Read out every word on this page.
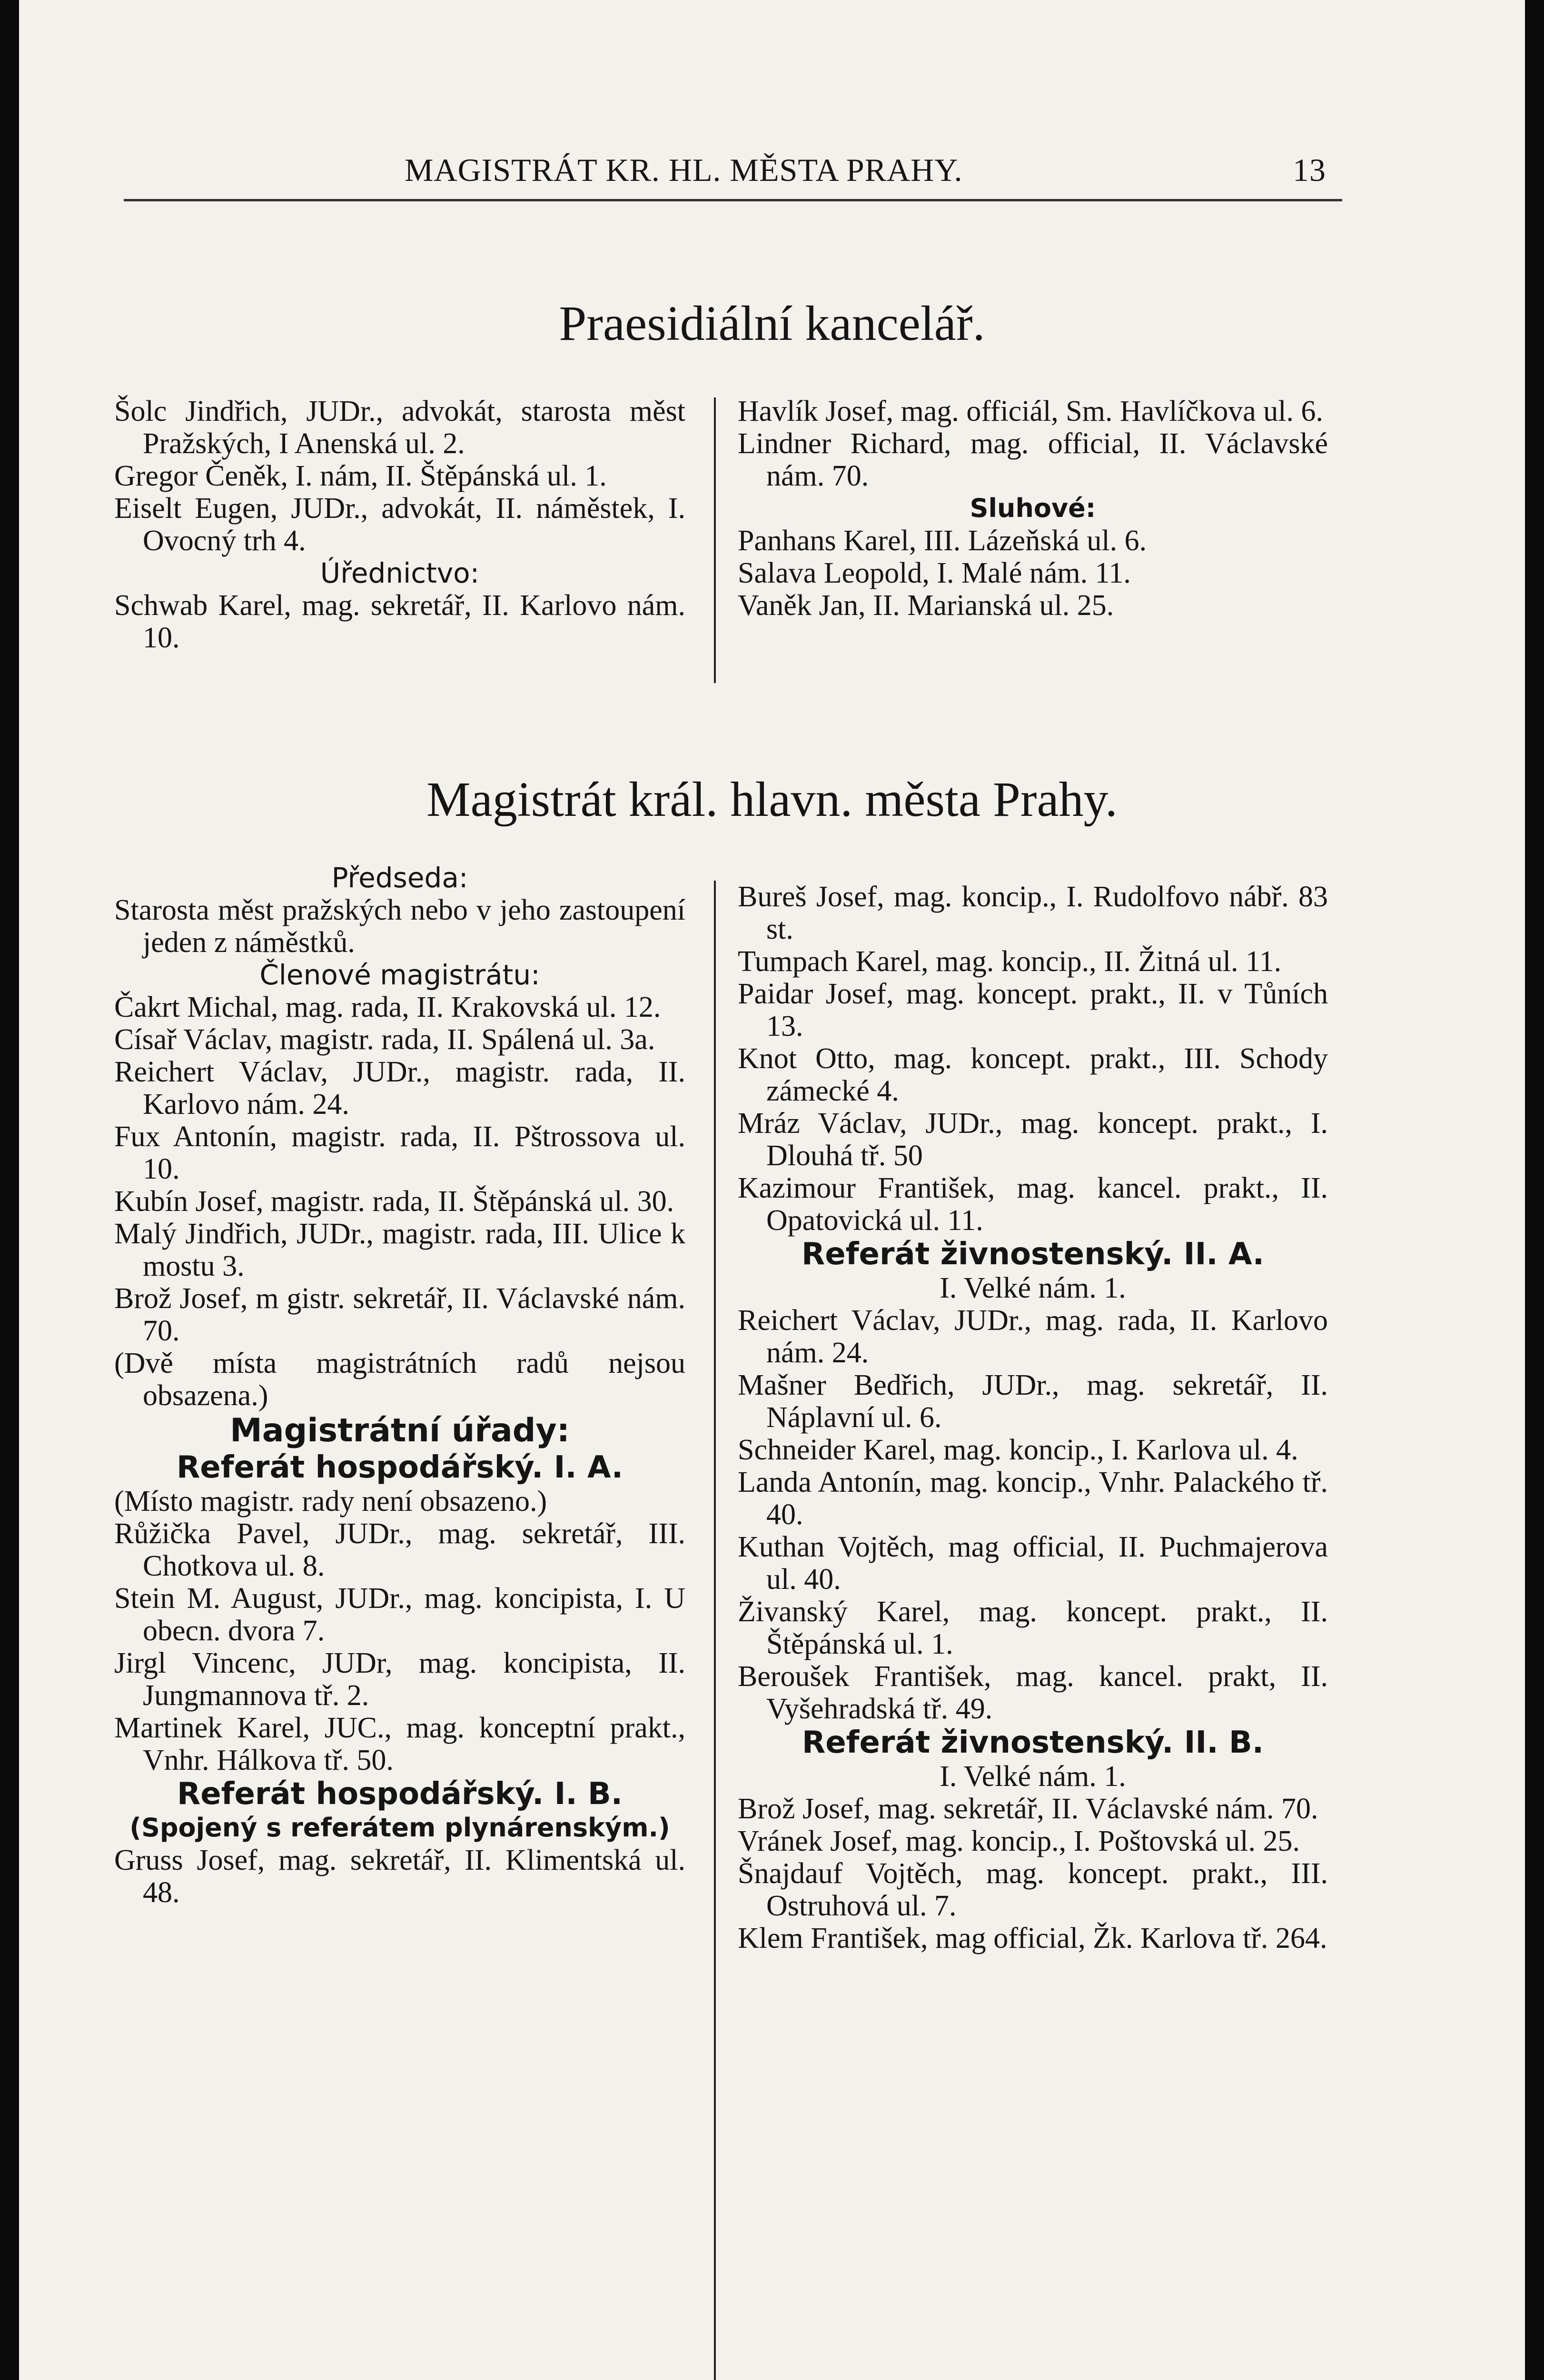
MAGISTRÁT KR. HL. MĚSTA PRAHY.	13
Praesidiální kancelář.

Šolc Jindřich, JUDr., advokát, starosta měst Pražských, I Anenská ul. 2.

Gregor Čeněk, I. nám, II. Štěpánská ul. 1.

Eiselt Eugen, JUDr., advokát, II. náměstek, I. Ovocný trh 4.

Úřednictvo:

Schwab Karel, mag. sekretář, II. Karlovo nám. 10.

Havlík Josef, mag. officiál, Sm. Havlíčkova ul. 6.

Lindner Richard, mag. official, II. Václavské nám. 70.

Sluhové:

Panhans Karel, III. Lázeňská ul. 6.

Salava Leopold, I. Malé nám. 11.

Vaněk Jan, II. Marianská ul. 25.

Magistrát král. hlavn. města Prahy.

Předseda:

Starosta měst pražských nebo v jeho zastoupení jeden z náměstků.

Členové magistrátu:

Čakrt Michal, mag. rada, II. Krakovská ul. 12.

Císař Václav, magistr. rada, II. Spálená ul. 3a.

Reichert Václav, JUDr., magistr. rada, II. Karlovo nám. 24.

Fux Antonín, magistr. rada, II. Pštrossova ul. 10.

Kubín Josef, magistr. rada, II. Štěpánská ul. 30.

Malý Jindřich, JUDr., magistr. rada, III. Ulice k mostu 3.

Brož Josef, m gistr. sekretář, II. Václavské nám. 70.

(Dvě místa magistrátních radů nejsou obsazena.)

Magistrátní úřady:

Referát hospodářský. I. A.

(Místo magistr. rady není obsazeno.)

Růžička Pavel, JUDr., mag. sekretář, III. Chotkova ul. 8.

Stein M. August, JUDr., mag. koncipista, I. U obecn. dvora 7.

Jirgl Vincenc, JUDr, mag. koncipista, II. Jungmannova tř. 2.

Martinek Karel, JUC., mag. konceptní prakt., Vnhr. Hálkova tř. 50.

Referát hospodářský. I. B.

(Spojený s referátem plynárenským.)

Gruss Josef, mag. sekretář, II. Klimentská ul. 48.

Bureš Josef, mag. koncip., I. Rudolfovo nábř. 83 st.

Tumpach Karel, mag. koncip., II. Žitná ul. 11.

Paidar Josef, mag. koncept. prakt., II. v Tůních 13.

Knot Otto, mag. koncept. prakt., III. Schody zámecké 4.

Mráz Václav, JUDr., mag. koncept. prakt., I. Dlouhá tř. 50

Kazimour František, mag. kancel. prakt., II. Opatovická ul. 11.

Referát živnostenský. II. A.

I. Velké nám. 1.

Reichert Václav, JUDr., mag. rada, II. Karlovo nám. 24.

Mašner Bedřich, JUDr., mag. sekretář, II. Náplavní ul. 6.

Schneider Karel, mag. koncip., I. Karlova ul. 4.

Landa Antonín, mag. koncip., Vnhr. Palackého tř. 40.

Kuthan Vojtěch, mag official, II. Puchmajerova ul. 40.

Živanský Karel, mag. koncept. prakt., II. Štěpánská ul. 1.

Beroušek František, mag. kancel. prakt, II. Vyšehradská tř. 49.

Referát živnostenský. II. B.

I. Velké nám. 1.

Brož Josef, mag. sekretář, II. Václavské nám. 70.

Vránek Josef, mag. koncip., I. Poštovská ul. 25.

Šnajdauf Vojtěch, mag. koncept. prakt., III. Ostruhová ul. 7.

Klem František, mag official, Žk. Karlova tř. 264.
